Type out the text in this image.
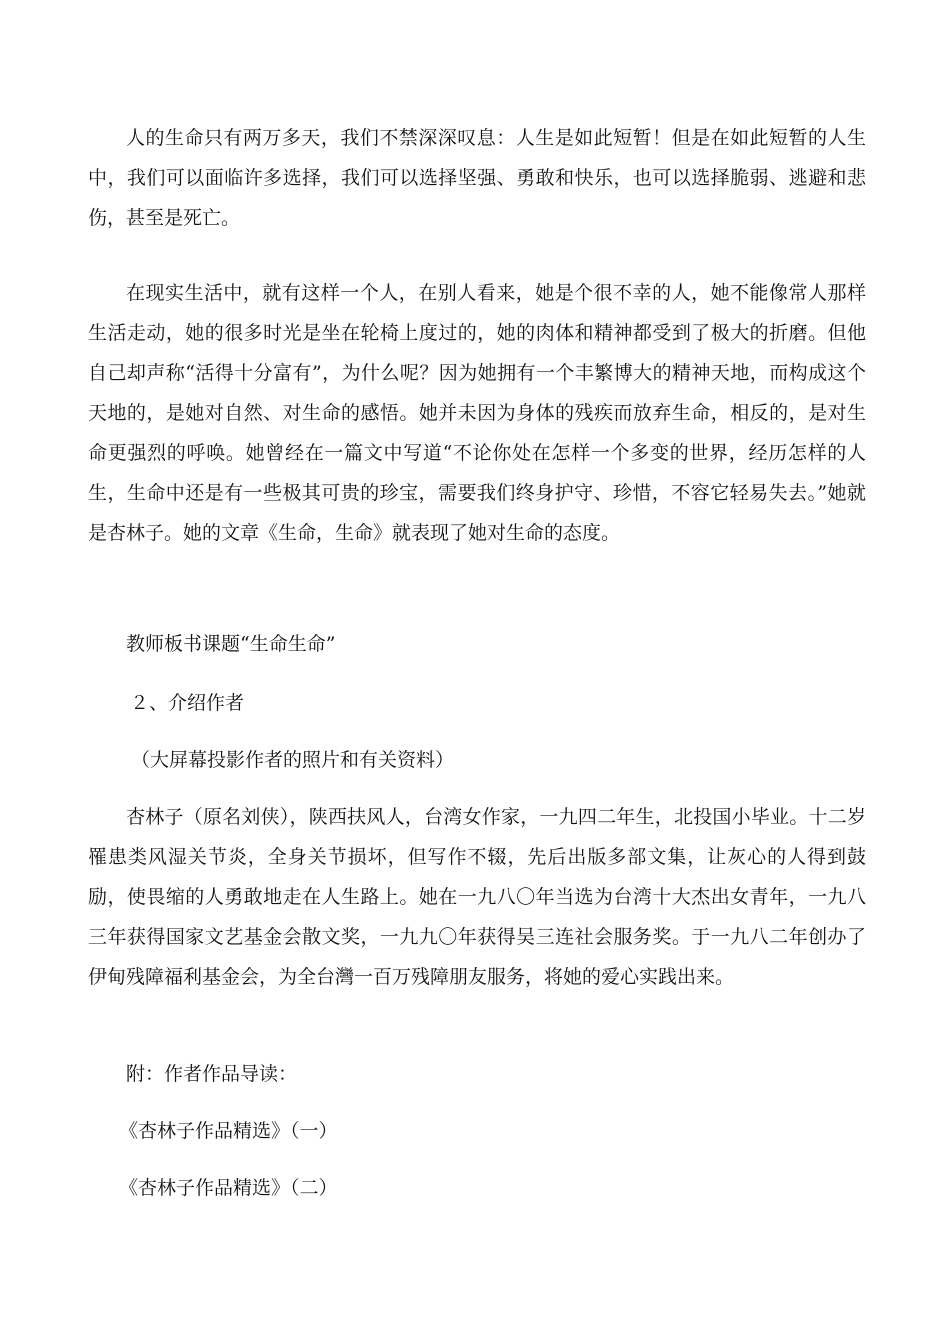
人的生命只有两万多天，我们不禁深深叹息：人生是如此短暂！但是在如此短暂的人生中，我们可以面临许多选择，我们可以选择坚强、勇敢和快乐，也可以选择脆弱、逃避和悲伤，甚至是死亡。

在现实生活中，就有这样一个人，在别人看来，她是个很不幸的人，她不能像常人那样生活走动，她的很多时光是坐在轮椅上度过的，她的肉体和精神都受到了极大的折磨。但他自己却声称“活得十分富有”，为什么呢？因为她拥有一个丰繁博大的精神天地，而构成这个天地的，是她对自然、对生命的感悟。她并未因为身体的残疾而放弃生命，相反的，是对生命更强烈的呼唤。她曾经在一篇文中写道“不论你处在怎样一个多变的世界，经历怎样的人生，生命中还是有一些极其可贵的珍宝，需要我们终身护守、珍惜，不容它轻易失去。”她就是杏林子。她的文章《生命，生命》就表现了她对生命的态度。

教师板书课题“生命生命”

２、介绍作者

（大屏幕投影作者的照片和有关资料）

杏林子（原名刘侠），陕西扶风人，台湾女作家，一九四二年生，北投国小毕业。十二岁罹患类风湿关节炎，全身关节损坏，但写作不辍，先后出版多部文集，让灰心的人得到鼓励，使畏缩的人勇敢地走在人生路上。她在一九八〇年当选为台湾十大杰出女青年，一九八三年获得国家文艺基金会散文奖，一九九〇年获得吴三连社会服务奖。于一九八二年创办了伊甸残障福利基金会，为全台灣一百万残障朋友服务，将她的爱心实践出来。

附：作者作品导读：

《杏林子作品精选》（一）

《杏林子作品精选》（二）
